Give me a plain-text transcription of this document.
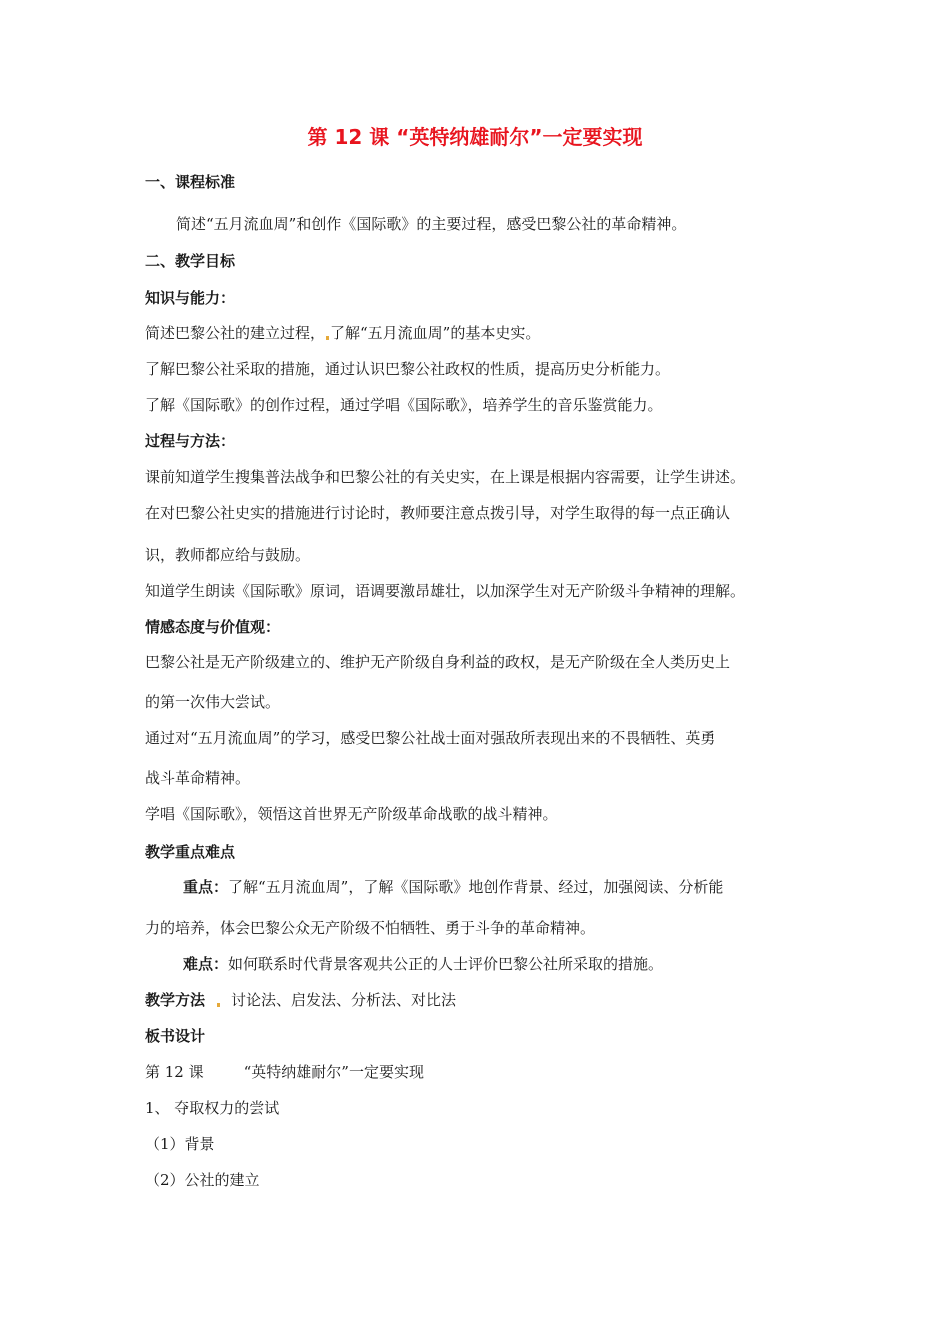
第 12 课 “英特纳雄耐尔”一定要实现
一、课程标准
简述“五月流血周”和创作《国际歌》的主要过程，感受巴黎公社的革命精神。
二、教学目标
知识与能力：
简述巴黎公社的建立过程， 了解“五月流血周”的基本史实。
了解巴黎公社采取的措施，通过认识巴黎公社政权的性质，提高历史分析能力。
了解《国际歌》的创作过程，通过学唱《国际歌》，培养学生的音乐鉴赏能力。
过程与方法：
课前知道学生搜集普法战争和巴黎公社的有关史实，在上课是根据内容需要，让学生讲述。
在对巴黎公社史实的措施进行讨论时，教师要注意点拨引导，对学生取得的每一点正确认
识，教师都应给与鼓励。
知道学生朗读《国际歌》原词，语调要激昂雄壮，以加深学生对无产阶级斗争精神的理解。
情感态度与价值观：
巴黎公社是无产阶级建立的、维护无产阶级自身利益的政权，是无产阶级在全人类历史上
的第一次伟大尝试。
通过对“五月流血周”的学习，感受巴黎公社战士面对强敌所表现出来的不畏牺牲、英勇
战斗革命精神。
学唱《国际歌》，领悟这首世界无产阶级革命战歌的战斗精神。
教学重点难点
重点：了解“五月流血周”，了解《国际歌》地创作背景、经过，加强阅读、分析能
力的培养，体会巴黎公众无产阶级不怕牺牲、勇于斗争的革命精神。
难点：如何联系时代背景客观共公正的人士评价巴黎公社所采取的措施。
教学方法 讨论法、启发法、分析法、对比法
板书设计
第 12 课	“英特纳雄耐尔”一定要实现
1、 夺取权力的尝试
（1）背景
（2）公社的建立
